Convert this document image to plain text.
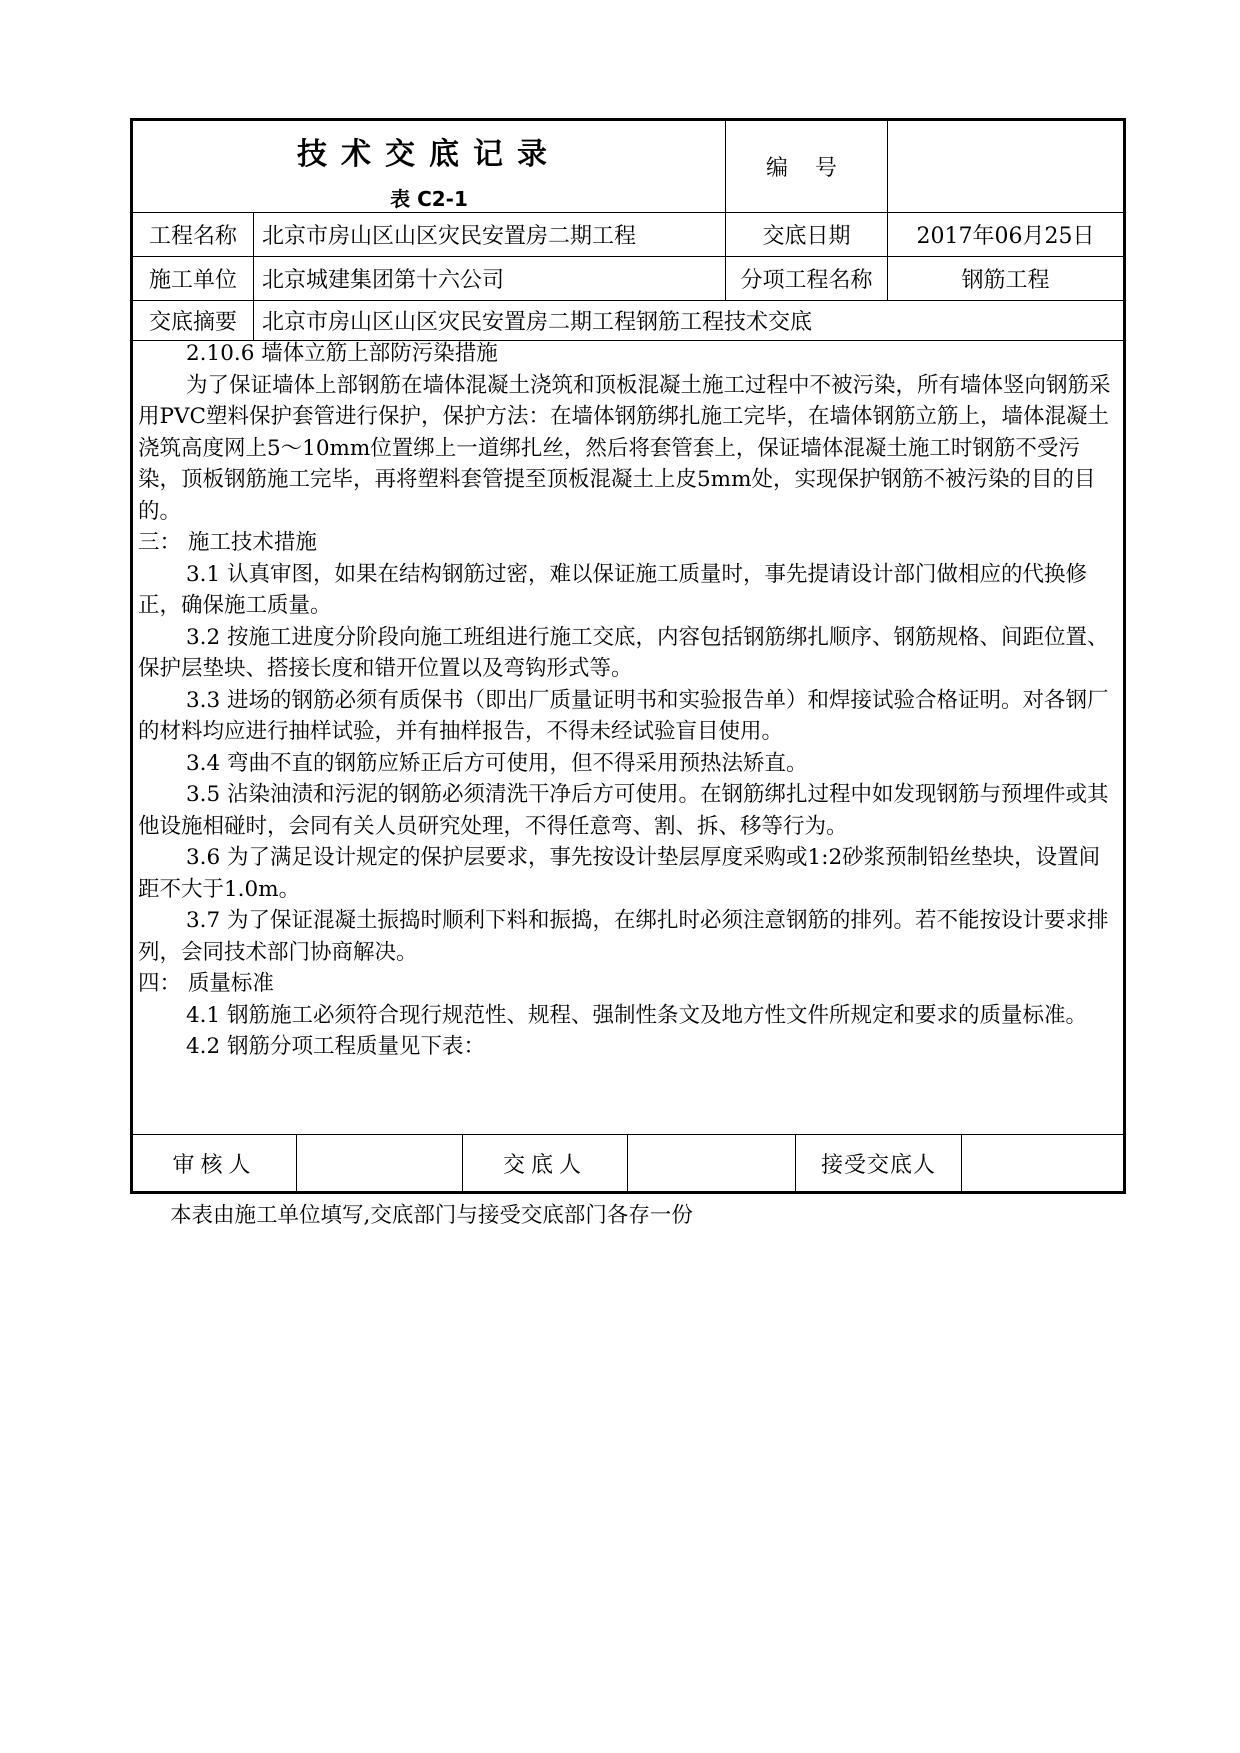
技术交底记录
表 C2-1
编 号
工程名称 北京市房山区山区灾民安置房二期工程	交底日期	2017年06月25日
施工单位 北京城建集团第十六公司	分项工程名称	钢筋工程
交底摘要 北京市房山区山区灾民安置房二期工程钢筋工程技术交底

2.10.6 墙体立筋上部防污染措施

为了保证墙体上部钢筋在墙体混凝土浇筑和顶板混凝土施工过程中不被污染，所有墙体竖向钢筋采用PVC塑料保护套管进行保护，保护方法：在墙体钢筋绑扎施工完毕，在墙体钢筋立筋上，墙体混凝土浇筑高度网上5～10mm位置绑上一道绑扎丝，然后将套管套上，保证墙体混凝土施工时钢筋不受污染，顶板钢筋施工完毕，再将塑料套管提至顶板混凝土上皮5mm处，实现保护钢筋不被污染的目的目的。

三： 施工技术措施

3.1 认真审图，如果在结构钢筋过密，难以保证施工质量时，事先提请设计部门做相应的代换修正，确保施工质量。

3.2 按施工进度分阶段向施工班组进行施工交底，内容包括钢筋绑扎顺序、钢筋规格、间距位置、保护层垫块、搭接长度和错开位置以及弯钩形式等。

3.3 进场的钢筋必须有质保书（即出厂质量证明书和实验报告单）和焊接试验合格证明。对各钢厂的材料均应进行抽样试验，并有抽样报告，不得未经试验盲目使用。

3.4 弯曲不直的钢筋应矫正后方可使用，但不得采用预热法矫直。

3.5 沾染油渍和污泥的钢筋必须清洗干净后方可使用。在钢筋绑扎过程中如发现钢筋与预埋件或其他设施相碰时，会同有关人员研究处理，不得任意弯、割、拆、移等行为。

3.6 为了满足设计规定的保护层要求，事先按设计垫层厚度采购或1:2砂浆预制铅丝垫块，设置间距不大于1.0m。

3.7 为了保证混凝土振捣时顺利下料和振捣，在绑扎时必须注意钢筋的排列。若不能按设计要求排列，会同技术部门协商解决。

四： 质量标准

4.1 钢筋施工必须符合现行规范性、规程、强制性条文及地方性文件所规定和要求的质量标准。

4.2 钢筋分项工程质量见下表：

审核人	交底人	接受交底人
本表由施工单位填写,交底部门与接受交底部门各存一份
